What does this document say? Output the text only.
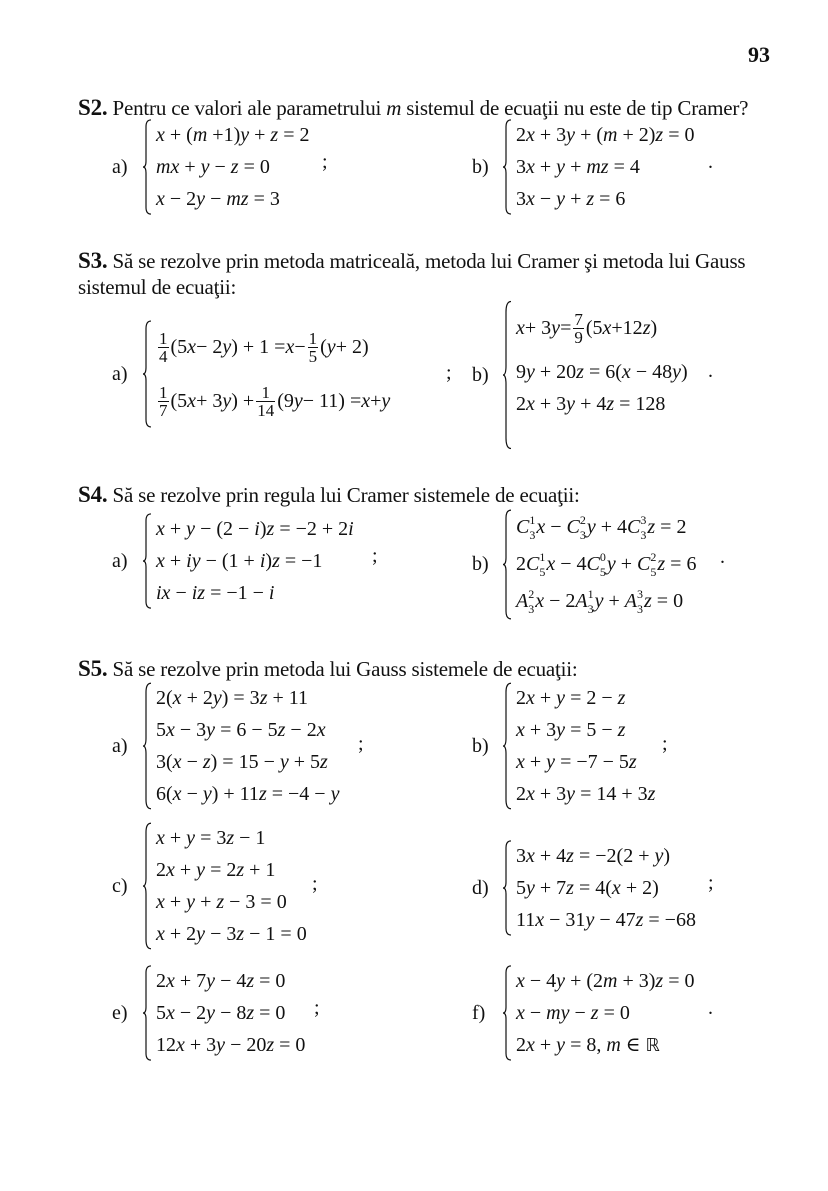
93
S2. Pentru ce valori ale parametrului m sistemul de ecuaţii nu este de tip Cramer?
a)
x + (m +1)y + z = 2
mx + y − z = 0
x − 2y − mz = 3
;	b)
2x + 3y + (m + 2)z = 0
3x + y + mz = 4
3x − y + z = 6
.
S3. Să se rezolve prin metoda matriceală, metoda lui Cramer şi metoda lui Gauss sistemul de ecuaţii:
a)
$\frac{1}{4} (5$ x − 2 y ) + $1 = x - \frac{1}{5}$ ( y + 2)
$\frac{1}{7} (5$ x + 3 y ) + $\frac{1}{14} (9$ y − 11) = x + y
; b)
x + 3 $y = \frac{7}{9} (5$ x +12 z )
9y + 20z = 6(x − 48y)
2x + 3y + 4z = 128
.
S4. Să se rezolve prin regula lui Cramer sistemele de ecuaţii:
a)
x + y − (2 − i)z = −2 + 2i
x + iy − (1 + i)z = −1
ix − iz = −1 − i
;	b)
C 1
3 x − C 2
3 y + 4C 3
3 z = 2
2C 1
5 x − 4C 0
5 y + C 2
5 z = 6
A 2
3 x − 2A 1
3 y + A 3
3 z = 0
.
S5. Să se rezolve prin metoda lui Gauss sistemele de ecuaţii:
a)
2(x + 2y) = 3z + 11
5x − 3y = 6 − 5z − 2x
3(x − z) = 15 − y + 5z
6(x − y) + 11z = −4 − y
;	b)
2x + y = 2 − z
x + 3y = 5 − z
x + y = −7 − 5z
2x + 3y = 14 + 3z
;
c)
x + y = 3z − 1
2x + y = 2z + 1
x + y + z − 3 = 0
x + 2y − 3z − 1 = 0
;	d)
3x + 4z = −2(2 + y)
5y + 7z = 4(x + 2)
11x − 31y − 47z = −68
;
e)
2x + 7y − 4z = 0
5x − 2y − 8z = 0
12x + 3y − 20z = 0
;	f)
x − 4y + (2m + 3)z = 0
x − my − z = 0
2x + y = 8, m ∈ ℝ
.
